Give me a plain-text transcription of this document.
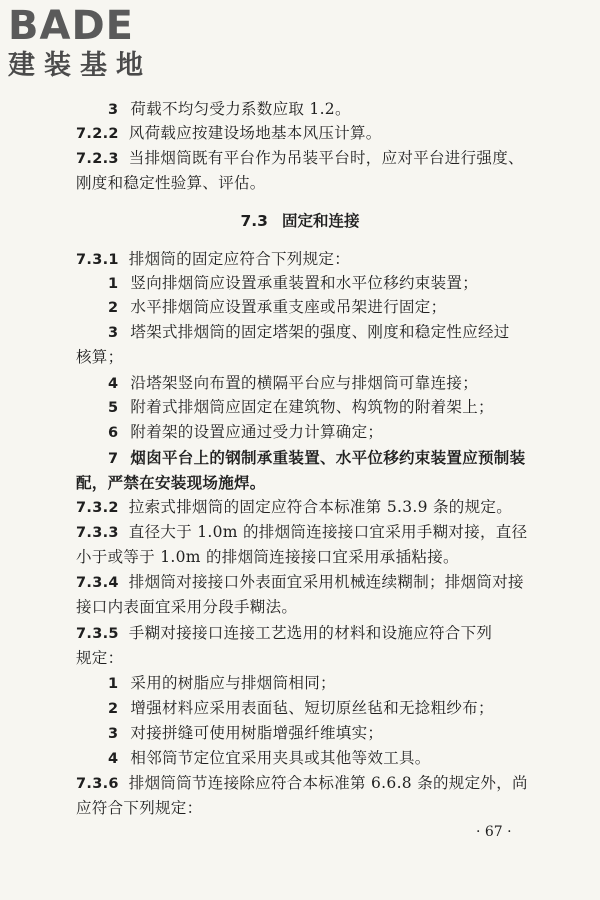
BADE
建装基地
3 荷载不均匀受力系数应取 1.2。
7.2.2 风荷载应按建设场地基本风压计算。
7.2.3 当排烟筒既有平台作为吊装平台时，应对平台进行强度、
刚度和稳定性验算、评估。
7.3 固定和连接
7.3.1 排烟筒的固定应符合下列规定：
1 竖向排烟筒应设置承重装置和水平位移约束装置；
2 水平排烟筒应设置承重支座或吊架进行固定；
3 塔架式排烟筒的固定塔架的强度、刚度和稳定性应经过
核算；
4 沿塔架竖向布置的横隔平台应与排烟筒可靠连接；
5 附着式排烟筒应固定在建筑物、构筑物的附着架上；
6 附着架的设置应通过受力计算确定；
7 烟囱平台上的钢制承重装置、水平位移约束装置应预制装
配，严禁在安装现场施焊。
7.3.2 拉索式排烟筒的固定应符合本标准第 5.3.9 条的规定。
7.3.3 直径大于 1.0m 的排烟筒连接接口宜采用手糊对接，直径
小于或等于 1.0m 的排烟筒连接接口宜采用承插粘接。
7.3.4 排烟筒对接接口外表面宜采用机械连续糊制；排烟筒对接
接口内表面宜采用分段手糊法。
7.3.5 手糊对接接口连接工艺选用的材料和设施应符合下列
规定：
1 采用的树脂应与排烟筒相同；
2 增强材料应采用表面毡、短切原丝毡和无捻粗纱布；
3 对接拼缝可使用树脂增强纤维填实；
4 相邻筒节定位宜采用夹具或其他等效工具。
7.3.6 排烟筒筒节连接除应符合本标准第 6.6.8 条的规定外，尚
应符合下列规定：
· 67 ·
